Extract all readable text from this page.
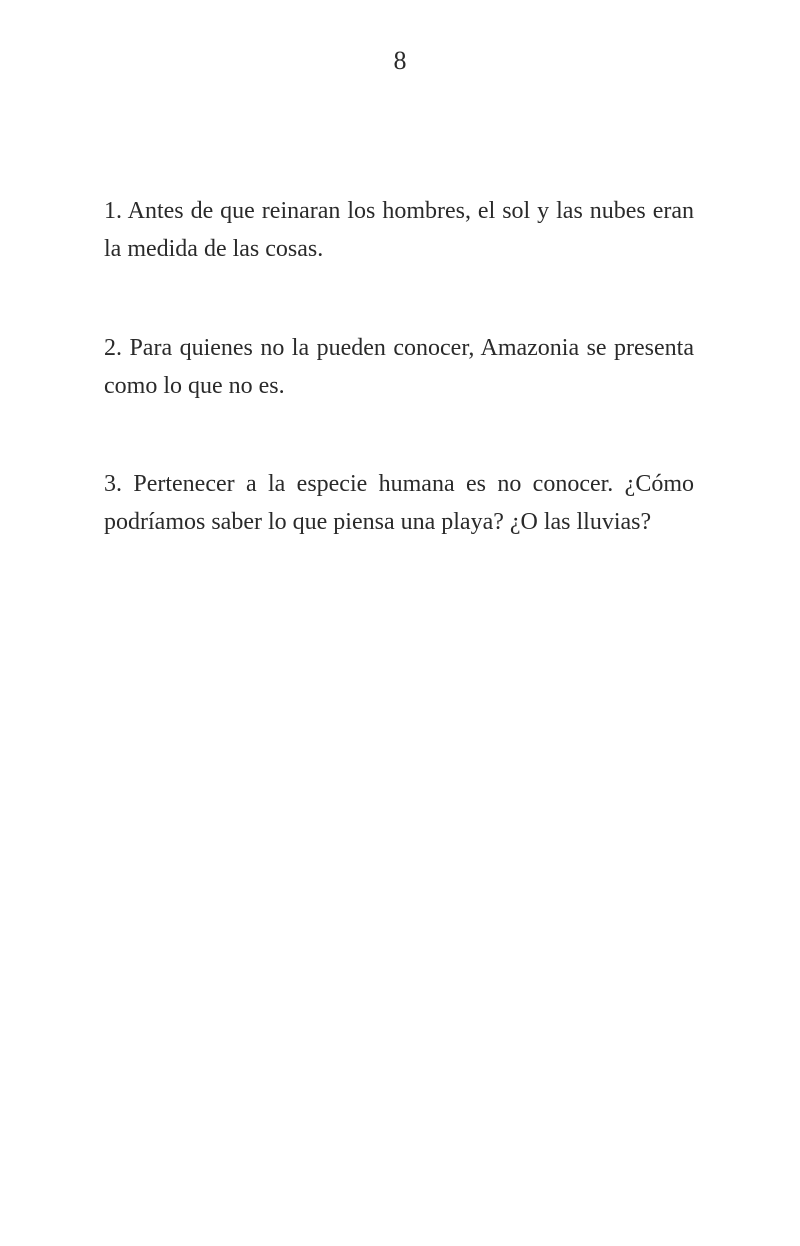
8

1. Antes de que reinaran los hombres, el sol y las nubes eran la medida de las cosas.

2. Para quienes no la pueden conocer, Amazonia se presenta como lo que no es.

3. Pertenecer a la especie humana es no conocer. ¿Cómo podríamos saber lo que piensa una playa? ¿O las lluvias?
